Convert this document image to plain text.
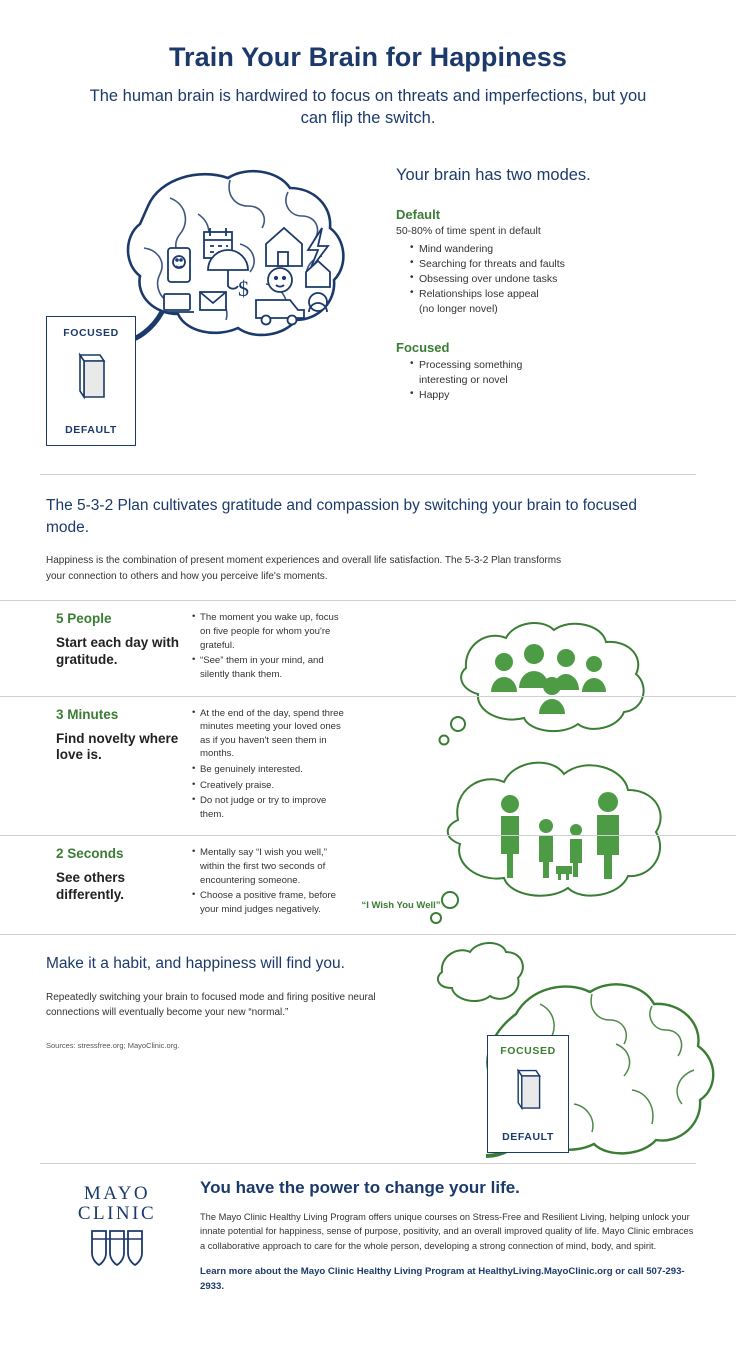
Train Your Brain for Happiness
The human brain is hardwired to focus on threats and imperfections, but you can flip the switch.
$
FOCUSED
DEFAULT
Your brain has two modes.
Default
50-80% of time spent in default
• Mind wandering
• Searching for threats and faults
• Obsessing over undone tasks
• Relationships lose appeal
(no longer novel)
Focused
• Processing something
interesting or novel
• Happy
The 5-3-2 Plan cultivates gratitude and compassion by switching your brain to focused mode.
Happiness is the combination of present moment experiences and overall life satisfaction. The 5-3-2 Plan transforms your connection to others and how you perceive life's moments.
5 People
Start each day with gratitude.
• The moment you wake up, focus on five people for whom you're grateful.
• “See” them in your mind, and silently thank them.
3 Minutes
Find novelty where love is.
• At the end of the day, spend three minutes meeting your loved ones as if you haven't seen them in months.
• Be genuinely interested.
• Creatively praise.
• Do not judge or try to improve them.
2 Seconds
See others differently.
• Mentally say “I wish you well,” within the first two seconds of encountering someone.
• Choose a positive frame, before your mind judges negatively.	“I Wish You Well”
Make it a habit, and happiness will find you.
Repeatedly switching your brain to focused mode and firing positive neural connections will eventually become your new “normal.”
Sources: stressfree.org; MayoClinic.org.	FOCUSED
DEFAULT
MAYO
CLINIC
You have the power to change your life.
The Mayo Clinic Healthy Living Program offers unique courses on Stress-Free and Resilient Living, helping unlock your innate potential for happiness, sense of purpose, positivity, and an overall improved quality of life. Mayo Clinic embraces a collaborative approach to care for the whole person, developing a strong connection of mind, body, and spirit.
Learn more about the Mayo Clinic Healthy Living Program at HealthyLiving.MayoClinic.org or call 507-293-2933.
